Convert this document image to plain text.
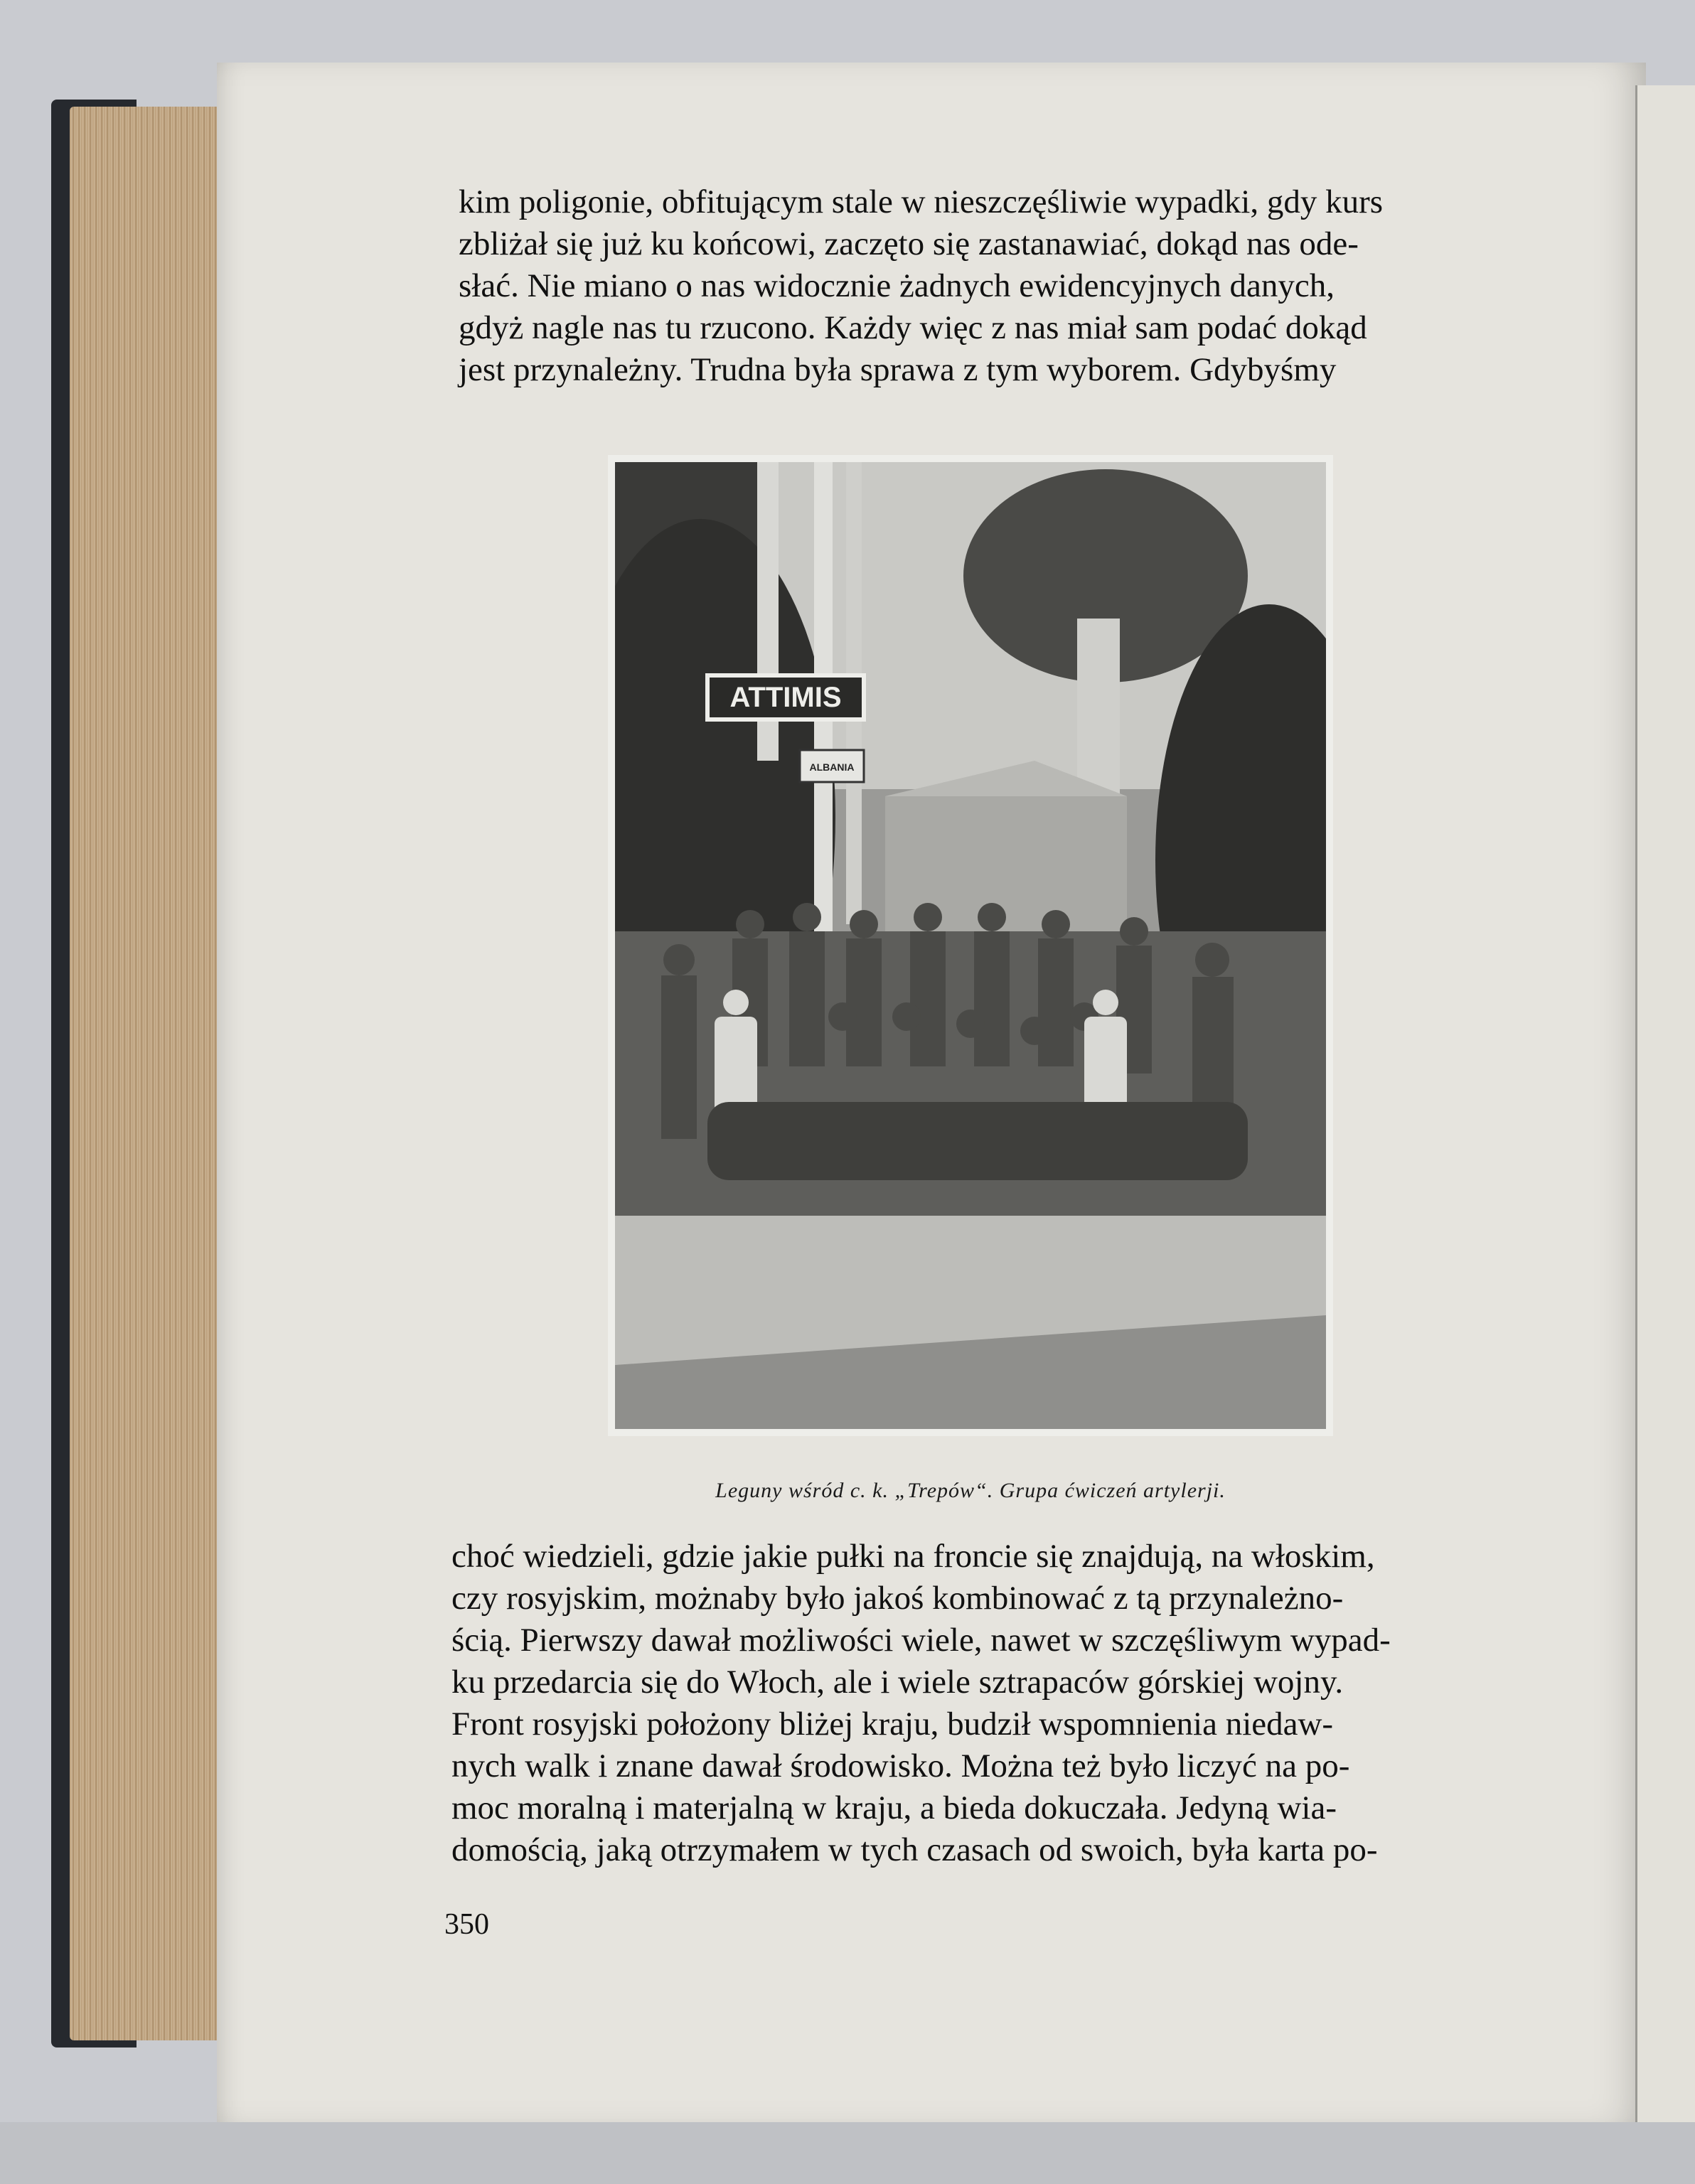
kim poligonie, obfitującym stale w nieszczęśliwie wypadki, gdy kurs

zbliżał się już ku końcowi, zaczęto się zastanawiać, dokąd nas ode-

słać. Nie miano o nas widocznie żadnych ewidencyjnych danych,

gdyż nagle nas tu rzucono. Każdy więc z nas miał sam podać dokąd

jest przynależny. Trudna była sprawa z tym wyborem. Gdybyśmy

ATTIMIS
ALBANIA
Leguny wśród c. k. „Trepów“. Grupa ćwiczeń artylerji.

choć wiedzieli, gdzie jakie pułki na froncie się znajdują, na włoskim,

czy rosyjskim, możnaby było jakoś kombinować z tą przynależno-

ścią. Pierwszy dawał możliwości wiele, nawet w szczęśliwym wypad-

ku przedarcia się do Włoch, ale i wiele sztrapaców górskiej wojny.

Front rosyjski położony bliżej kraju, budził wspomnienia niedaw-

nych walk i znane dawał środowisko. Można też było liczyć na po-

moc moralną i materjalną w kraju, a bieda dokuczała. Jedyną wia-

domością, jaką otrzymałem w tych czasach od swoich, była karta po-

350
